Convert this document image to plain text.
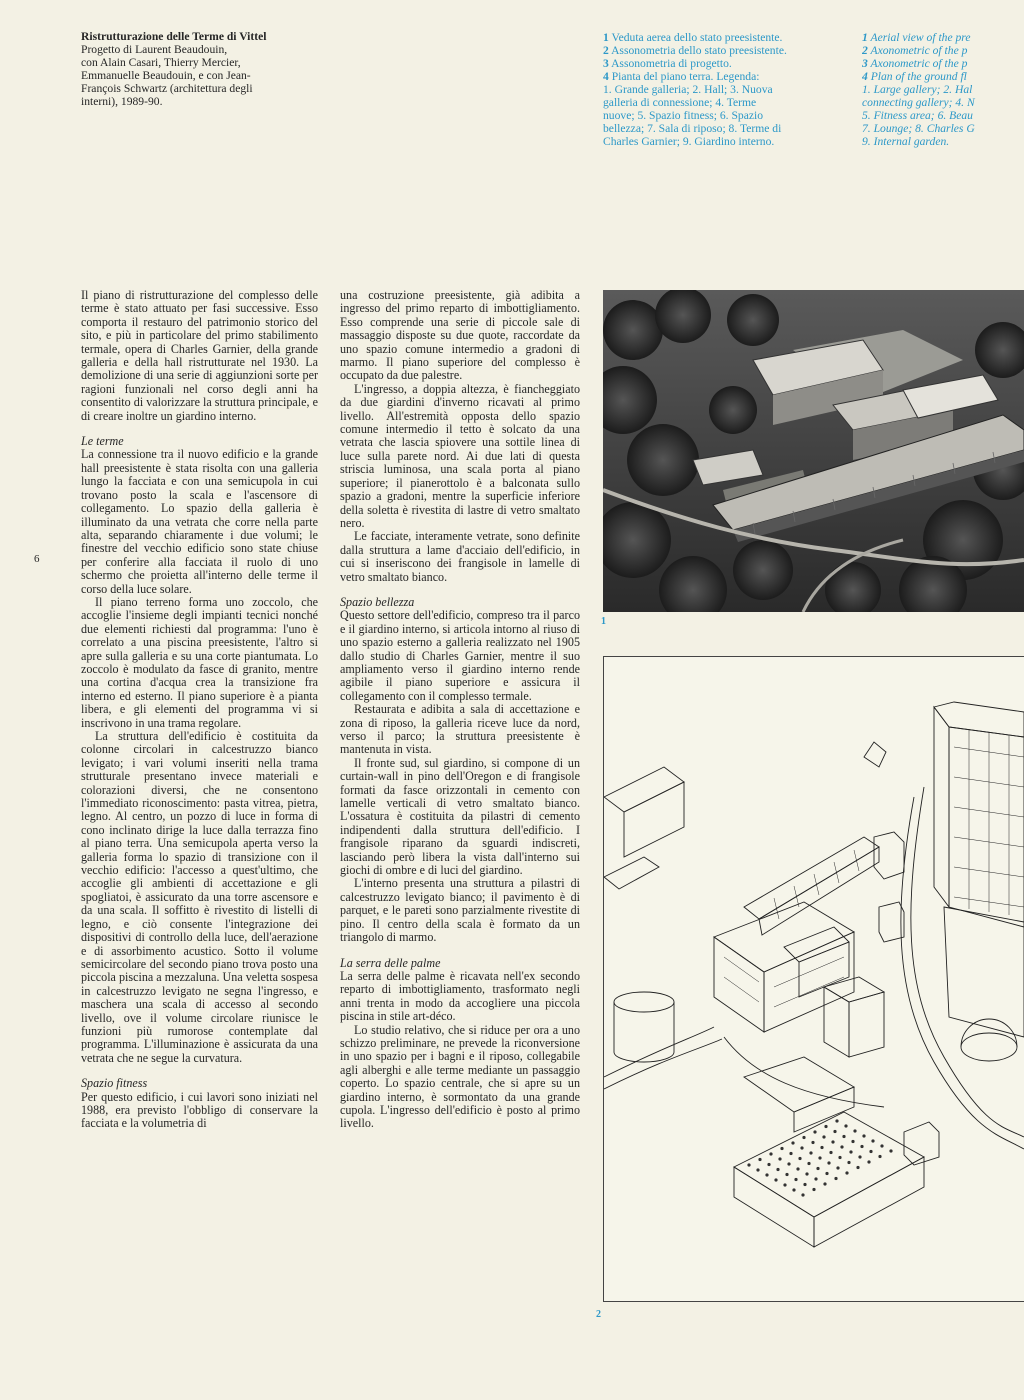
Ristrutturazione delle Terme di Vittel
Progetto di Laurent Beaudouin,
con Alain Casari, Thierry Mercier,
Emmanuelle Beaudouin, e con Jean-
François Schwartz (architettura degli
interni), 1989-90.

1 Veduta aerea dello stato preesistente.

2 Assonometria dello stato preesistente.

3 Assonometria di progetto.

4 Pianta del piano terra. Legenda:

1. Grande galleria; 2. Hall; 3. Nuova

galleria di connessione; 4. Terme

nuove; 5. Spazio fitness; 6. Spazio

bellezza; 7. Sala di riposo; 8. Terme di

Charles Garnier; 9. Giardino interno.

1 Aerial view of the pre

2 Axonometric of the p

3 Axonometric of the p

4 Plan of the ground fl

1. Large gallery; 2. Hal

connecting gallery; 4. N

5. Fitness area; 6. Beau

7. Lounge; 8. Charles G

9. Internal garden.

6

Il piano di ristrutturazione del complesso delle terme è stato attuato per fasi successive. Esso comporta il restauro del patrimonio storico del sito, e più in particolare del primo stabilimento termale, opera di Charles Garnier, della grande galleria e della hall ristrutturate nel 1930. La demolizione di una serie di aggiunzioni sorte per ragioni funzionali nel corso degli anni ha consentito di valorizzare la struttura principale, e di creare inoltre un giardino interno.

Le terme

La connessione tra il nuovo edificio e la grande hall preesistente è stata risolta con una galleria lungo la facciata e con una semicupola in cui trovano posto la scala e l'ascensore di collegamento. Lo spazio della galleria è illuminato da una vetrata che corre nella parte alta, separando chiaramente i due volumi; le finestre del vecchio edificio sono state chiuse per conferire alla facciata il ruolo di uno schermo che proietta all'interno delle terme il corso della luce solare.

Il piano terreno forma uno zoccolo, che accoglie l'insieme degli impianti tecnici nonché due elementi richiesti dal programma: l'uno è correlato a una piscina preesistente, l'altro si apre sulla galleria e su una corte piantumata. Lo zoccolo è modulato da fasce di granito, mentre una cortina d'acqua crea la transizione fra interno ed esterno. Il piano superiore è a pianta libera, e gli elementi del programma vi si inscrivono in una trama regolare.

La struttura dell'edificio è costituita da colonne circolari in calcestruzzo bianco levigato; i vari volumi inseriti nella trama strutturale presentano invece materiali e colorazioni diversi, che ne consentono l'immediato riconoscimento: pasta vitrea, pietra, legno. Al centro, un pozzo di luce in forma di cono inclinato dirige la luce dalla terrazza fino al piano terra. Una semicupola aperta verso la galleria forma lo spazio di transizione con il vecchio edificio: l'accesso a quest'ultimo, che accoglie gli ambienti di accettazione e gli spogliatoi, è assicurato da una torre ascensore e da una scala. Il soffitto è rivestito di listelli di legno, e ciò consente l'integrazione dei dispositivi di controllo della luce, dell'aerazione e di assorbimento acustico. Sotto il volume semicircolare del secondo piano trova posto una piccola piscina a mezzaluna. Una veletta sospesa in calcestruzzo levigato ne segna l'ingresso, e maschera una scala di accesso al secondo livello, ove il volume circolare riunisce le funzioni più rumorose contemplate dal programma. L'illuminazione è assicurata da una vetrata che ne segue la curvatura.

Spazio fitness

Per questo edificio, i cui lavori sono iniziati nel 1988, era previsto l'obbligo di conservare la facciata e la volumetria di

una costruzione preesistente, già adibita a ingresso del primo reparto di imbottigliamento. Esso comprende una serie di piccole sale di massaggio disposte su due quote, raccordate da uno spazio comune intermedio a gradoni di marmo. Il piano superiore del complesso è occupato da due palestre.

L'ingresso, a doppia altezza, è fiancheggiato da due giardini d'inverno ricavati al primo livello. All'estremità opposta dello spazio comune intermedio il tetto è solcato da una vetrata che lascia spiovere una sottile linea di luce sulla parete nord. Ai due lati di questa striscia luminosa, una scala porta al piano superiore; il pianerottolo è a balconata sullo spazio a gradoni, mentre la superficie inferiore della soletta è rivestita di lastre di vetro smaltato nero.

Le facciate, interamente vetrate, sono definite dalla struttura a lame d'acciaio dell'edificio, in cui si inseriscono dei frangisole in lamelle di vetro smaltato bianco.

Spazio bellezza

Questo settore dell'edificio, compreso tra il parco e il giardino interno, si articola intorno al riuso di uno spazio esterno a galleria realizzato nel 1905 dallo studio di Charles Garnier, mentre il suo ampliamento verso il giardino interno rende agibile il piano superiore e assicura il collegamento con il complesso termale.

Restaurata e adibita a sala di accettazione e zona di riposo, la galleria riceve luce da nord, verso il parco; la struttura preesistente è mantenuta in vista.

Il fronte sud, sul giardino, si compone di un curtain-wall in pino dell'Oregon e di frangisole formati da fasce orizzontali in cemento con lamelle verticali di vetro smaltato bianco. L'ossatura è costituita da pilastri di cemento indipendenti dalla struttura dell'edificio. I frangisole riparano da sguardi indiscreti, lasciando però libera la vista dall'interno sui giochi di ombre e di luci del giardino.

L'interno presenta una struttura a pilastri di calcestruzzo levigato bianco; il pavimento è di parquet, e le pareti sono parzialmente rivestite di pino. Il centro della scala è formato da un triangolo di marmo.

La serra delle palme

La serra delle palme è ricavata nell'ex secondo reparto di imbottigliamento, trasformato negli anni trenta in modo da accogliere una piccola piscina in stile art-déco.

Lo studio relativo, che si riduce per ora a uno schizzo preliminare, ne prevede la riconversione in uno spazio per i bagni e il riposo, collegabile agli alberghi e alle terme mediante un passaggio coperto. Lo spazio centrale, che si apre su un giardino interno, è sormontato da una grande cupola. L'ingresso dell'edificio è posto al primo livello.

1
2
